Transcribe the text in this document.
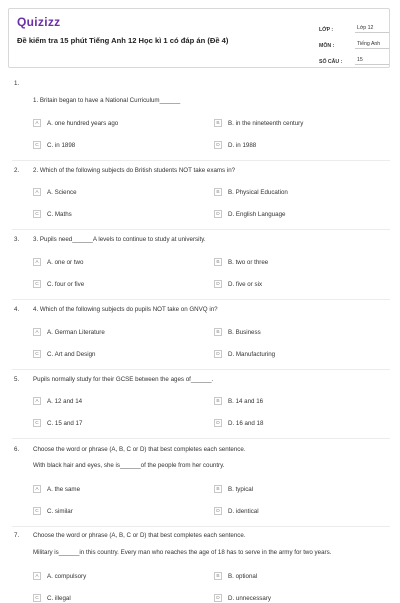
Quizizz
Đề kiểm tra 15 phút Tiếng Anh 12 Học kì 1 có đáp án (Đề 4)
LỚP :	Lớp 12
MÔN :	Tiếng Anh
SỐ CÂU :	15
1.
1. Britain began to have a National Curriculum______
A	A. one hundred years ago	B	B. in the nineteenth century
C	C. in 1898	D	D. in 1988
2. 2. Which of the following subjects do British students NOT take exams in?
A	A. Science	B	B. Physical Education
C	C. Maths	D	D. English Language
3. 3. Pupils need______A levels to continue to study at university.
A	A. one or two	B	B. two or three
C	C. four or five	D	D. five or six
4. 4. Which of the following subjects do pupils NOT take on GNVQ in?
A	A. German Literature	B	B. Business
C	C. Art and Design	D	D. Manufacturing
5. Pupils normally study for their GCSE between the ages of______.
A	A. 12 and 14	B	B. 14 and 16
C	C. 15 and 17	D	D. 16 and 18
6. Choose the word or phrase (A, B, C or D) that best completes each sentence.
With black hair and eyes, she is______of the people from her country.
A	A. the same	B	B. typical
C	C. similar	D	D. identical
7. Choose the word or phrase (A, B, C or D) that best completes each sentence.
Military is______in this country. Every man who reaches the age of 18 has to serve in the army for two years.
A	A. compulsory	B	B. optional
C	C. illegal	D	D. unnecessary
